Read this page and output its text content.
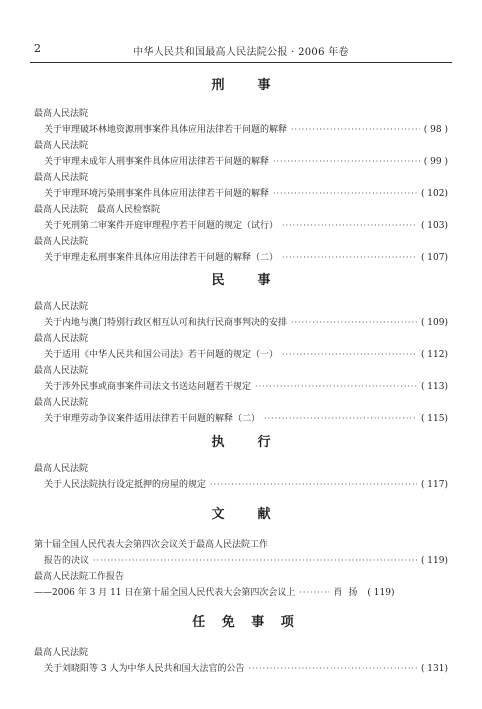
2	中华人民共和国最高人民法院公报 · 2006 年卷
刑　事
最高人民法院
关于审理破坏林地资源刑事案件具体应用法律若干问题的解释 ·····	( 98 )
最高人民法院
关于审理未成年人刑事案件具体应用法律若干问题的解释 ·····	( 99 )
最高人民法院
关于审理环境污染刑事案件具体应用法律若干问题的解释 ·····	( 102)
最高人民法院　最高人民检察院
关于死刑第二审案件开庭审理程序若干问题的规定（试行） ·····	( 103)
最高人民法院
关于审理走私刑事案件具体应用法律若干问题的解释（二） ·····	( 107)
民　事
最高人民法院
关于内地与澳门特别行政区相互认可和执行民商事判决的安排 ·····	( 109)
最高人民法院
关于适用《中华人民共和国公司法》若干问题的规定（一） ·····	( 112)
最高人民法院
关于涉外民事或商事案件司法文书送达问题若干规定 ·····	( 113)
最高人民法院
关于审理劳动争议案件适用法律若干问题的解释（二） ·····	( 115)
执　行
最高人民法院
关于人民法院执行设定抵押的房屋的规定 ·····	( 117)
文　献
第十届全国人民代表大会第四次会议关于最高人民法院工作
报告的决议 ·····	( 119)
最高人民法院工作报告
——2006 年 3 月 11 日在第十届全国人民代表大会第四次会议上 ·····	肖扬 ( 119)
任 免 事 项
最高人民法院
关于刘晓阳等 3 人为中华人民共和国大法官的公告 ·····	( 131)
